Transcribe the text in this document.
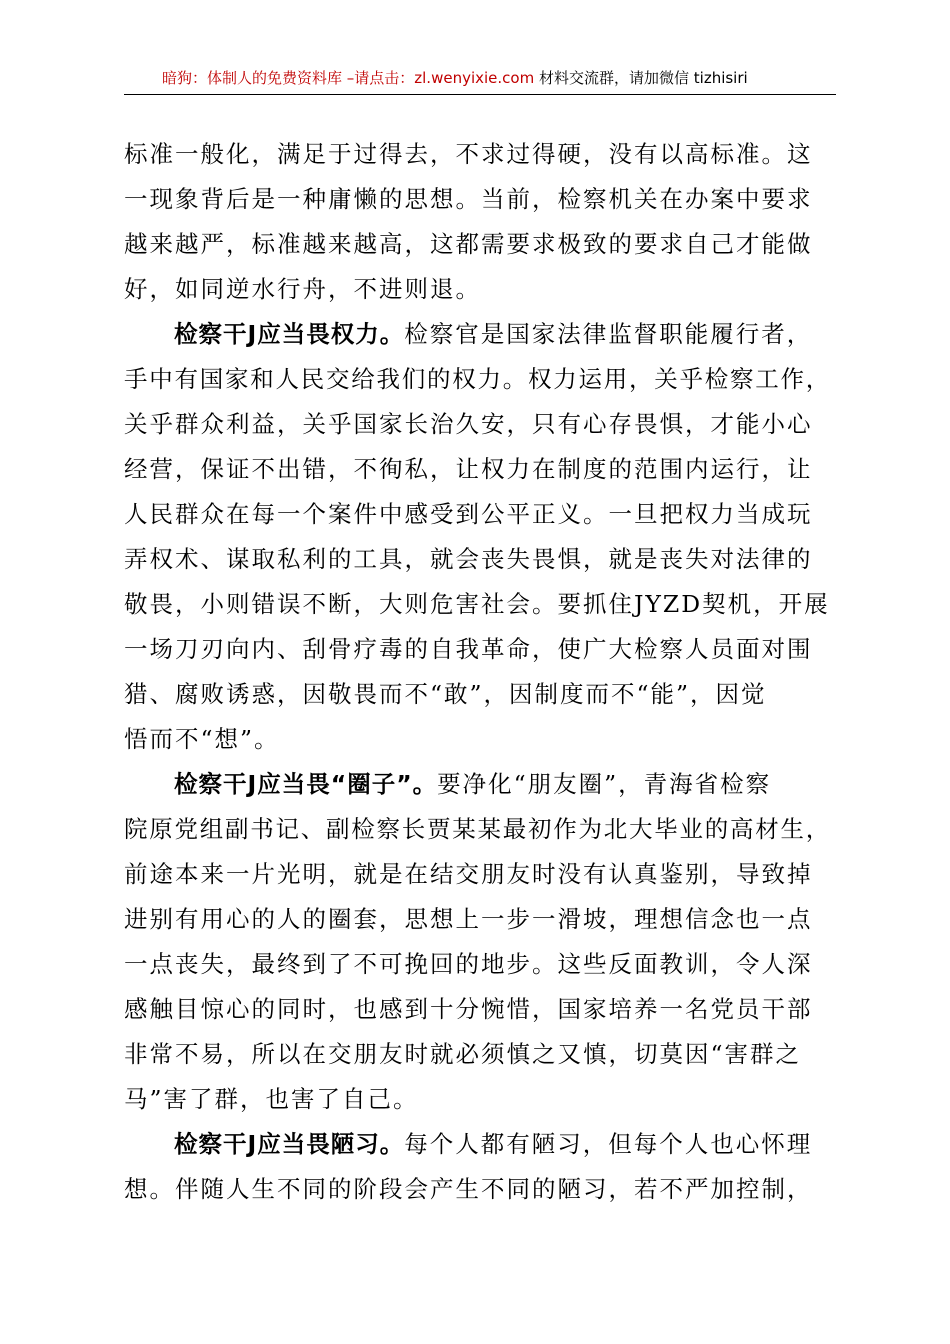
暗狗：体制人的免费资料库 –请点击：zl.wenyixie.com 材料交流群，请加微信 tizhisiri
标准一般化，满足于过得去，不求过得硬，没有以高标准。这
一现象背后是一种庸懒的思想。当前，检察机关在办案中要求
越来越严，标准越来越高，这都需要求极致的要求自己才能做
好，如同逆水行舟，不进则退。
检察干J应当畏权力。检察官是国家法律监督职能履行者，
手中有国家和人民交给我们的权力。权力运用，关乎检察工作，
关乎群众利益，关乎国家长治久安，只有心存畏惧，才能小心
经营，保证不出错，不徇私，让权力在制度的范围内运行，让
人民群众在每一个案件中感受到公平正义。一旦把权力当成玩
弄权术、谋取私利的工具，就会丧失畏惧，就是丧失对法律的
敬畏，小则错误不断，大则危害社会。要抓住JYZD契机，开展
一场刀刃向内、刮骨疗毒的自我革命，使广大检察人员面对围
猎、腐败诱惑，因敬畏而不“敢”，因制度而不“能”，因觉
悟而不“想”。
检察干J应当畏“圈子”。要净化“朋友圈”，青海省检察
院原党组副书记、副检察长贾某某最初作为北大毕业的高材生，
前途本来一片光明，就是在结交朋友时没有认真鉴别，导致掉
进别有用心的人的圈套，思想上一步一滑坡，理想信念也一点
一点丧失，最终到了不可挽回的地步。这些反面教训，令人深
感触目惊心的同时，也感到十分惋惜，国家培养一名党员干部
非常不易，所以在交朋友时就必须慎之又慎，切莫因“害群之
马”害了群，也害了自己。
检察干J应当畏陋习。每个人都有陋习，但每个人也心怀理
想。伴随人生不同的阶段会产生不同的陋习，若不严加控制，
